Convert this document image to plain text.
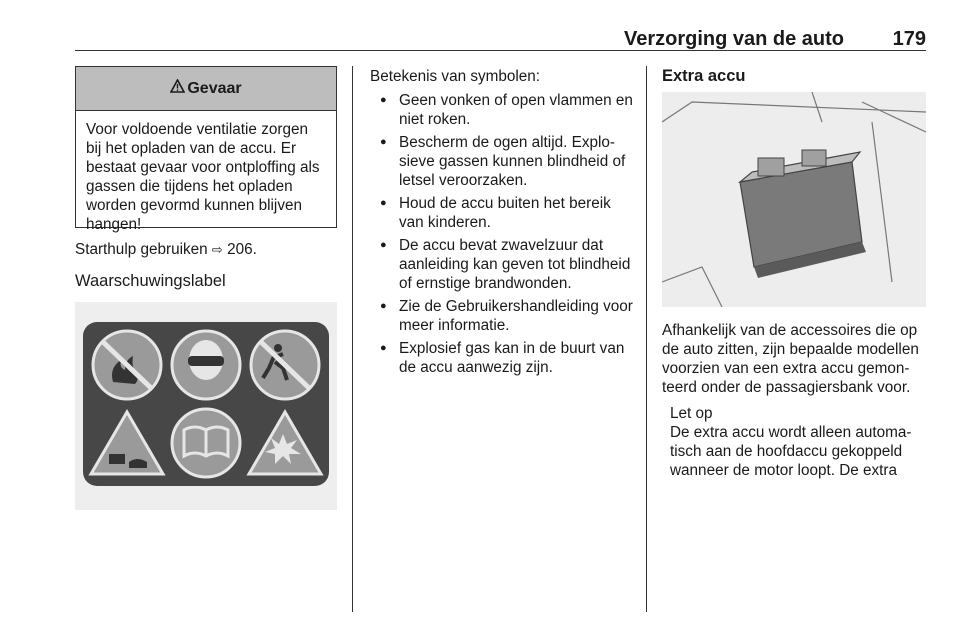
Verzorging van de auto 179
Gevaar
Voor voldoende ventilatie zorgen bij het opladen van de accu. Er bestaat gevaar voor ontploffing als gassen die tijdens het opladen worden gevormd kunnen blijven hangen!
Starthulp gebruiken ⇨ 206.
Waarschuwingslabel
Betekenis van symbolen:
● Geen vonken of open vlammen en niet roken.
● Bescherm de ogen altijd. Explosieve gassen kunnen blindheid of letsel veroorzaken.
● Houd de accu buiten het bereik van kinderen.
● De accu bevat zwavelzuur dat aanleiding kan geven tot blindheid of ernstige brandwonden.
● Zie de Gebruikershandleiding voor meer informatie.
● Explosief gas kan in de buurt van de accu aanwezig zijn.
Extra accu
Afhankelijk van de accessoires die op de auto zitten, zijn bepaalde modellen voorzien van een extra accu gemonteerd onder de passagiersbank voor.
Let op
De extra accu wordt alleen automatisch aan de hoofdaccu gekoppeld wanneer de motor loopt. De extra
